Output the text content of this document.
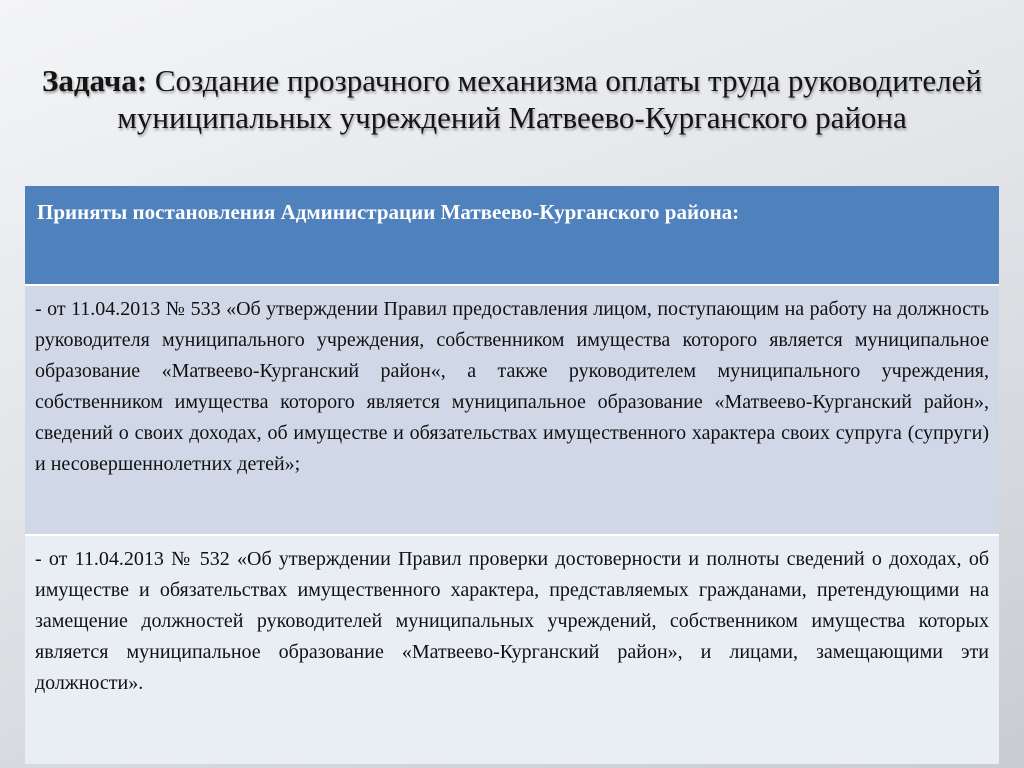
Задача: Создание прозрачного механизма оплаты труда руководителей муниципальных учреждений Матвеево-Курганского района
Приняты постановления Администрации Матвеево-Курганского района:
- от 11.04.2013 № 533 «Об утверждении Правил предоставления лицом, поступающим на работу на должность руководителя муниципального учреждения, собственником имущества которого является муниципальное образование «Матвеево-Курганский район«, а также руководителем муниципального учреждения, собственником имущества которого является муниципальное образование «Матвеево-Курганский район», сведений о своих доходах, об имуществе и обязательствах имущественного характера своих супруга (супруги) и несовершеннолетних детей»;
- от 11.04.2013 № 532 «Об утверждении Правил проверки достоверности и полноты сведений о доходах, об имуществе и обязательствах имущественного характера, представляемых гражданами, претендующими на замещение должностей руководителей муниципальных учреждений, собственником имущества которых является муниципальное образование «Матвеево-Курганский район», и лицами, замещающими эти должности».
